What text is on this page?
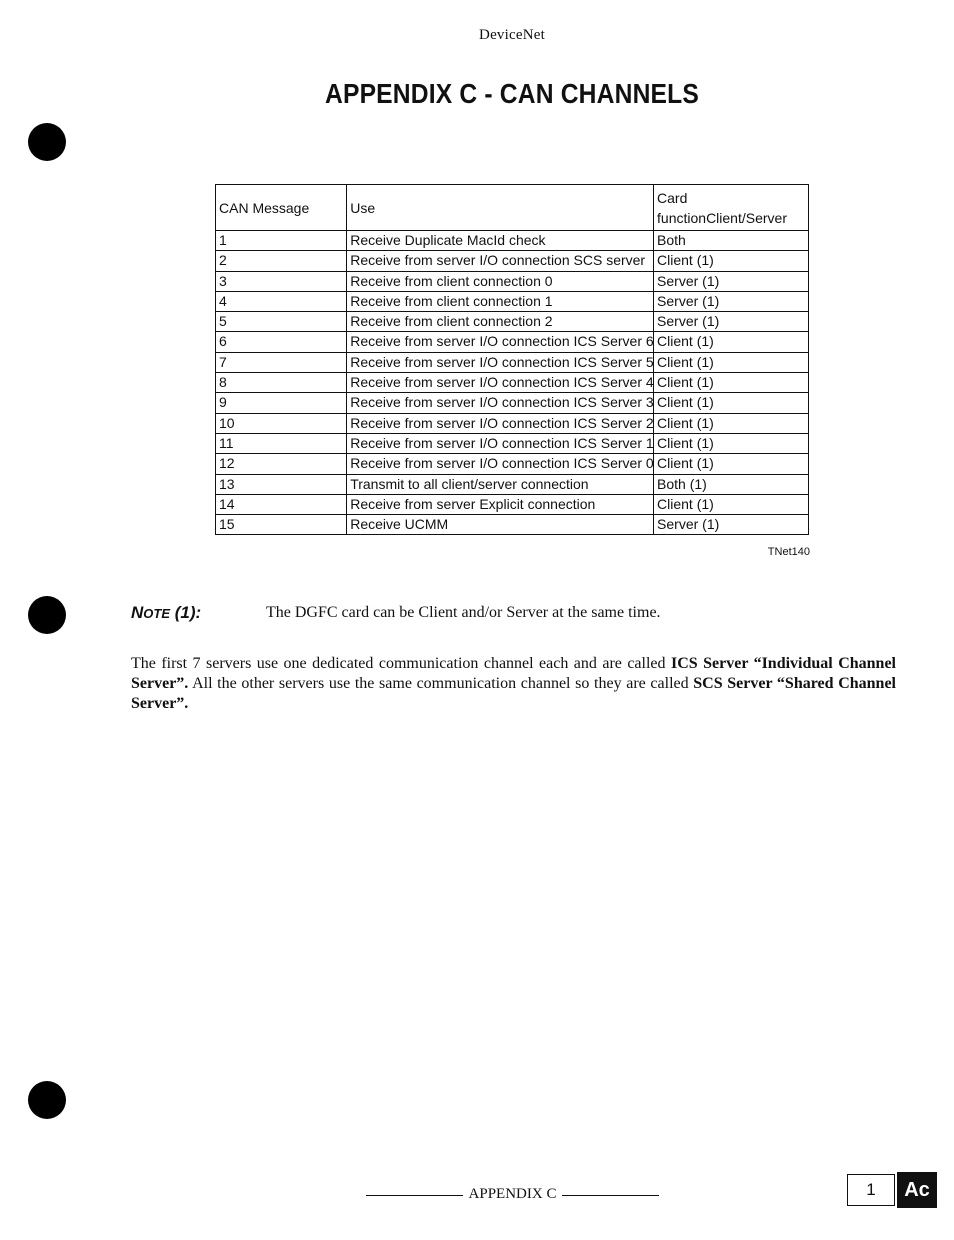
DeviceNet
APPENDIX C - CAN CHANNELS
CAN Message	Use	Card
functionClient/Server
1	Receive Duplicate MacId check	Both
2	Receive from server I/O connection SCS server	Client (1)
3	Receive from client connection 0	Server (1)
4	Receive from client connection 1	Server (1)
5	Receive from client connection 2	Server (1)
6	Receive from server I/O connection ICS Server 6	Client (1)
7	Receive from server I/O connection ICS Server 5	Client (1)
8	Receive from server I/O connection ICS Server 4	Client (1)
9	Receive from server I/O connection ICS Server 3	Client (1)
10	Receive from server I/O connection ICS Server 2	Client (1)
11	Receive from server I/O connection ICS Server 1	Client (1)
12	Receive from server I/O connection ICS Server 0	Client (1)
13	Transmit to all client/server connection	Both (1)
14	Receive from server Explicit connection	Client (1)
15	Receive UCMM	Server (1)
TNet140
NOTE (1):	The DGFC card can be Client and/or Server at the same time.

The first 7 servers use one dedicated communication channel each and are called ICS Server “Individual Channel Server”. All the other servers use the same communication channel so they are called SCS Server “Shared Channel Server”.

APPENDIX C	1	Ac
